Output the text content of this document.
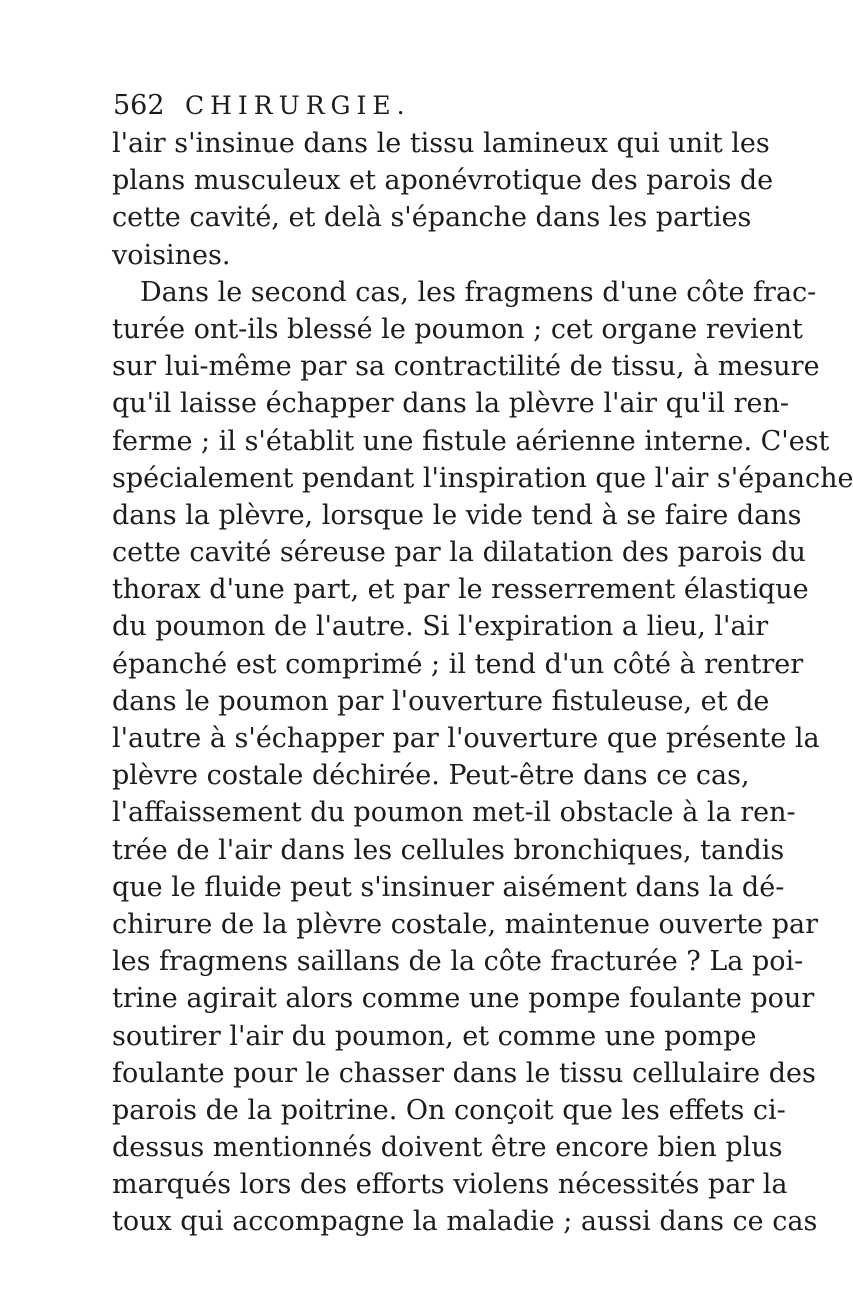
562 CHIRURGIE.
l'air s'insinue dans le tissu lamineux qui unit les
plans musculeux et aponévrotique des parois de
cette cavité, et delà s'épanche dans les parties
voisines.
Dans le second cas, les fragmens d'une côte frac-
turée ont-ils blessé le poumon ; cet organe revient
sur lui-même par sa contractilité de tissu, à mesure
qu'il laisse échapper dans la plèvre l'air qu'il ren-
ferme ; il s'établit une fistule aérienne interne. C'est
spécialement pendant l'inspiration que l'air s'épanche
dans la plèvre, lorsque le vide tend à se faire dans
cette cavité séreuse par la dilatation des parois du
thorax d'une part, et par le resserrement élastique
du poumon de l'autre. Si l'expiration a lieu, l'air
épanché est comprimé ; il tend d'un côté à rentrer
dans le poumon par l'ouverture fistuleuse, et de
l'autre à s'échapper par l'ouverture que présente la
plèvre costale déchirée. Peut-être dans ce cas,
l'affaissement du poumon met-il obstacle à la ren-
trée de l'air dans les cellules bronchiques, tandis
que le fluide peut s'insinuer aisément dans la dé-
chirure de la plèvre costale, maintenue ouverte par
les fragmens saillans de la côte fracturée ? La poi-
trine agirait alors comme une pompe foulante pour
soutirer l'air du poumon, et comme une pompe
foulante pour le chasser dans le tissu cellulaire des
parois de la poitrine. On conçoit que les effets ci-
dessus mentionnés doivent être encore bien plus
marqués lors des efforts violens nécessités par la
toux qui accompagne la maladie ; aussi dans ce cas
